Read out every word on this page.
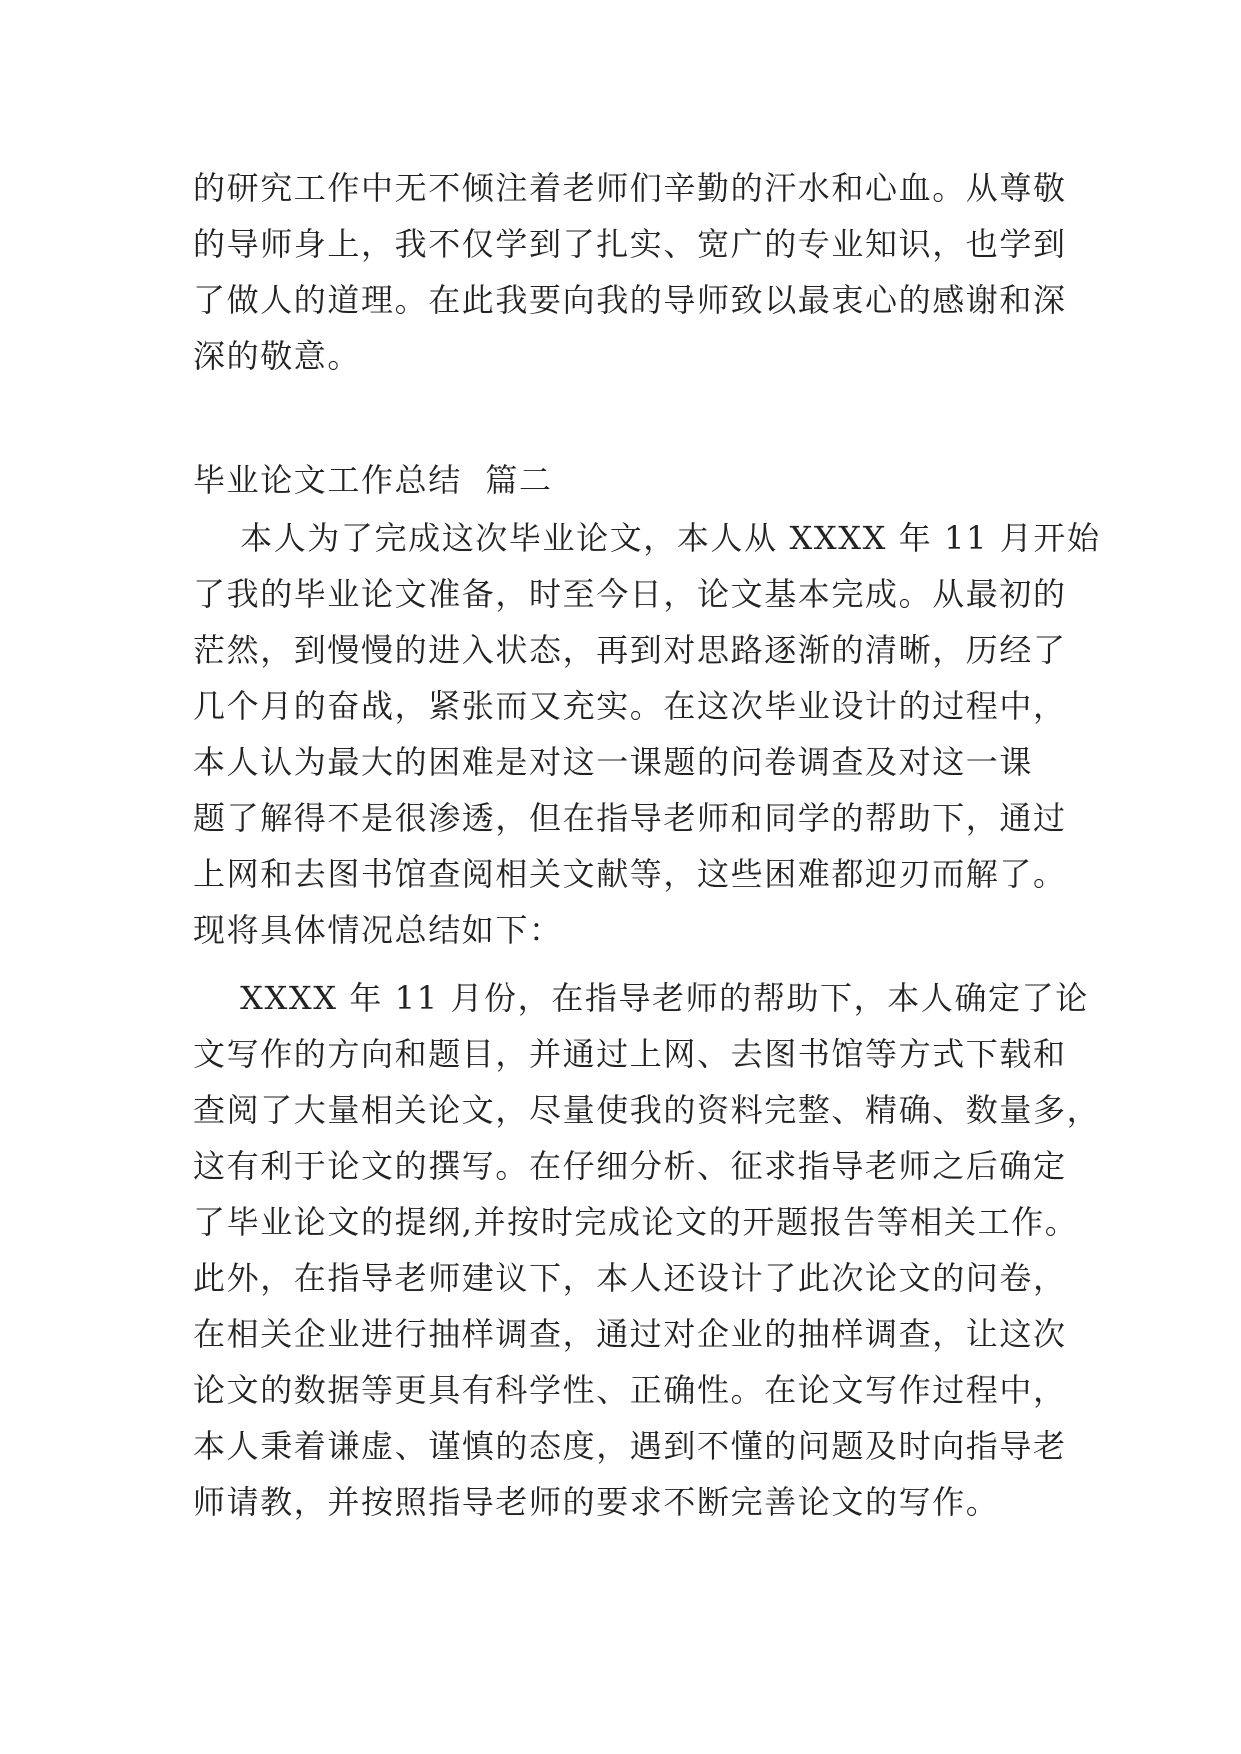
的研究工作中无不倾注着老师们辛勤的汗水和心血。从尊敬
的导师身上，我不仅学到了扎实、宽广的专业知识，也学到
了做人的道理。在此我要向我的导师致以最衷心的感谢和深
深的敬意。
毕业论文工作总结  篇二
本人为了完成这次毕业论文，本人从 XXXX 年 11 月开始
了我的毕业论文准备，时至今日，论文基本完成。从最初的
茫然，到慢慢的进入状态，再到对思路逐渐的清晰，历经了
几个月的奋战，紧张而又充实。在这次毕业设计的过程中，
本人认为最大的困难是对这一课题的问卷调查及对这一课
题了解得不是很渗透，但在指导老师和同学的帮助下，通过
上网和去图书馆查阅相关文献等，这些困难都迎刃而解了。
现将具体情况总结如下：
XXXX 年 11 月份，在指导老师的帮助下，本人确定了论
文写作的方向和题目，并通过上网、去图书馆等方式下载和
查阅了大量相关论文，尽量使我的资料完整、精确、数量多，
这有利于论文的撰写。在仔细分析、征求指导老师之后确定
了毕业论文的提纲,并按时完成论文的开题报告等相关工作。
此外，在指导老师建议下，本人还设计了此次论文的问卷，
在相关企业进行抽样调查，通过对企业的抽样调查，让这次
论文的数据等更具有科学性、正确性。在论文写作过程中，
本人秉着谦虚、谨慎的态度，遇到不懂的问题及时向指导老
师请教，并按照指导老师的要求不断完善论文的写作。
